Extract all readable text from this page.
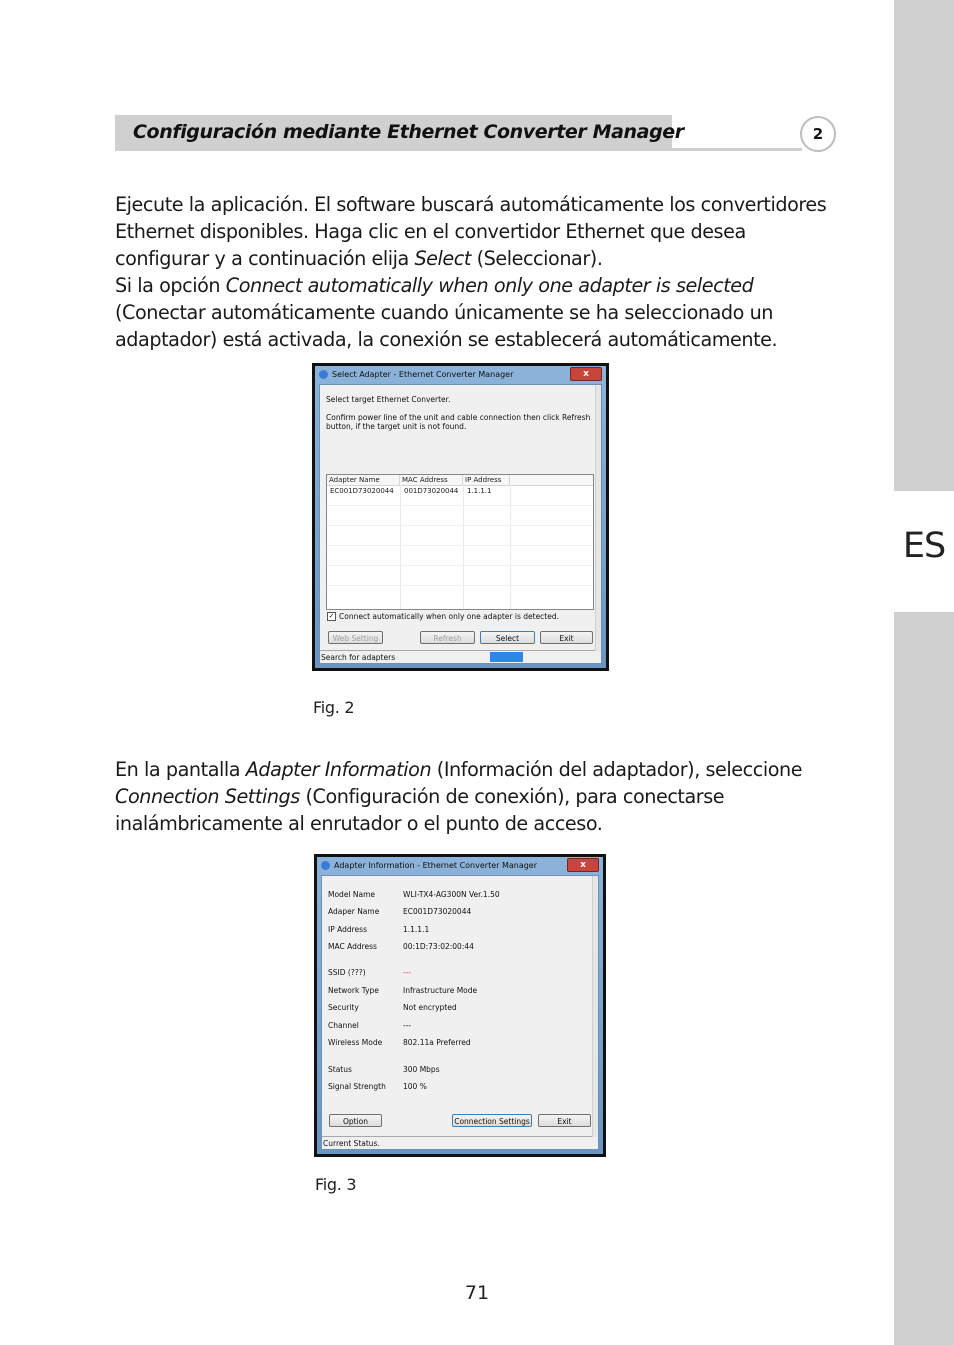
ES
Configuración mediante Ethernet Converter Manager	2

Ejecute la aplicación. El software buscará automáticamente los convertidores Ethernet disponibles. Haga clic en el convertidor Ethernet que desea configurar y a continuación elija Select (Seleccionar).

Si la opción Connect automatically when only one adapter is selected (Conectar automáticamente cuando únicamente se ha seleccionado un adaptador) está activada, la conexión se establecerá automáticamente.

Select Adapter - Ethernet Converter Manager	x
Select target Ethernet Converter.
Confirm power line of the unit and cable connection then click Refresh
button, if the target unit is not found.
Adapter Name	MAC Address	IP Address
EC001D73020044 001D73020044 1.1.1.1
✓ Connect automatically when only one adapter is detected.
Web Setting	Refresh	Select	Exit
Search for adapters
Fig. 2

En la pantalla Adapter Information (Información del adaptador), seleccione Connection Settings (Configuración de conexión), para conectarse inalámbricamente al enrutador o el punto de acceso.

Adapter Information - Ethernet Converter Manager	x
Model Name	WLI-TX4-AG300N Ver.1.50
Adaper Name	EC001D73020044
IP Address	1.1.1.1
MAC Address	00:1D:73:02:00:44
SSID (???)	---
Network Type	Infrastructure Mode
Security	Not encrypted
Channel	---
Wireless Mode	802.11a Preferred
Status	300 Mbps
Signal Strength 100 %
Option	Connection Settings	Exit
Current Status.
Fig. 3
71
